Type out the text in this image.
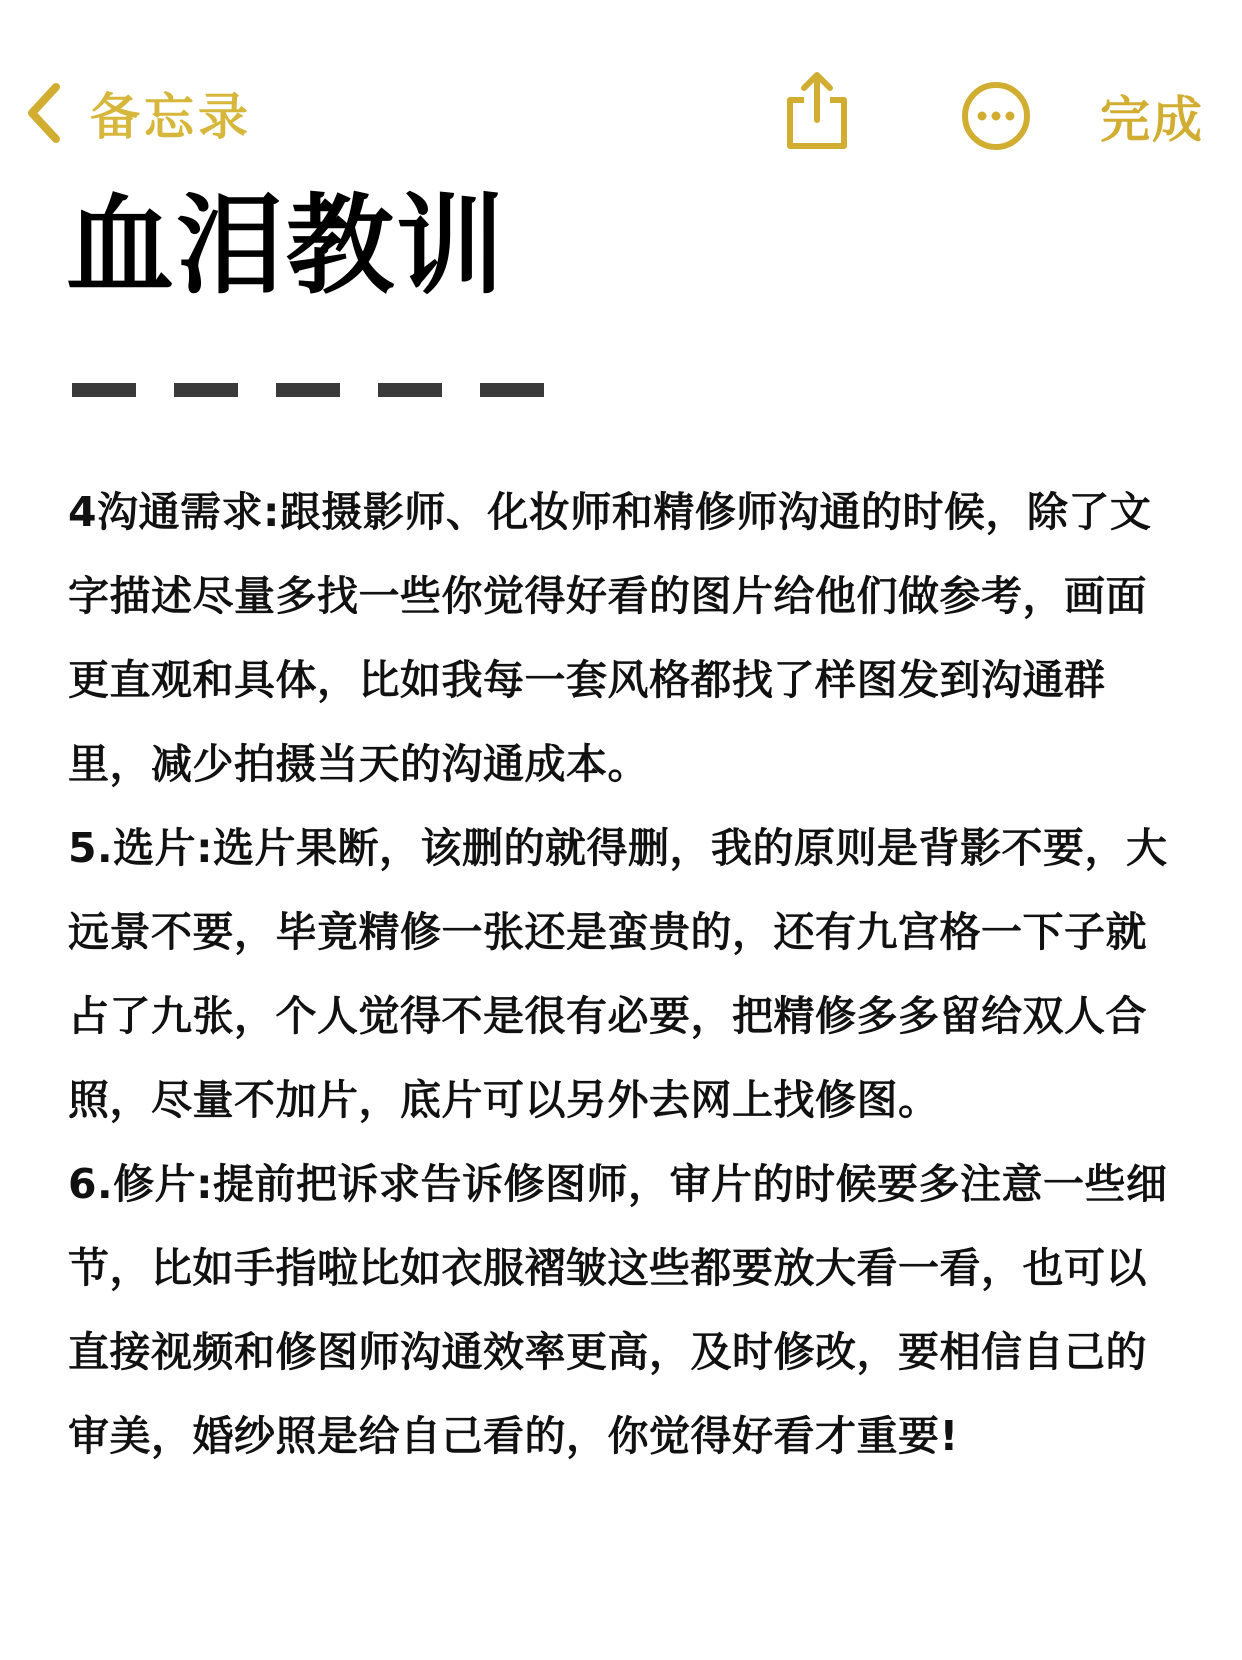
备忘录	完成
血泪教训

4沟通需求:跟摄影师、化妆师和精修师沟通的时候，除了文字描述尽量多找一些你觉得好看的图片给他们做参考，画面更直观和具体，比如我每一套风格都找了样图发到沟通群里，减少拍摄当天的沟通成本。

5.选片:选片果断，该删的就得删，我的原则是背影不要，大远景不要，毕竟精修一张还是蛮贵的，还有九宫格一下子就占了九张，个人觉得不是很有必要，把精修多多留给双人合照，尽量不加片，底片可以另外去网上找修图。

6.修片:提前把诉求告诉修图师，审片的时候要多注意一些细节，比如手指啦比如衣服褶皱这些都要放大看一看，也可以直接视频和修图师沟通效率更高，及时修改，要相信自己的审美，婚纱照是给自己看的，你觉得好看才重要!
